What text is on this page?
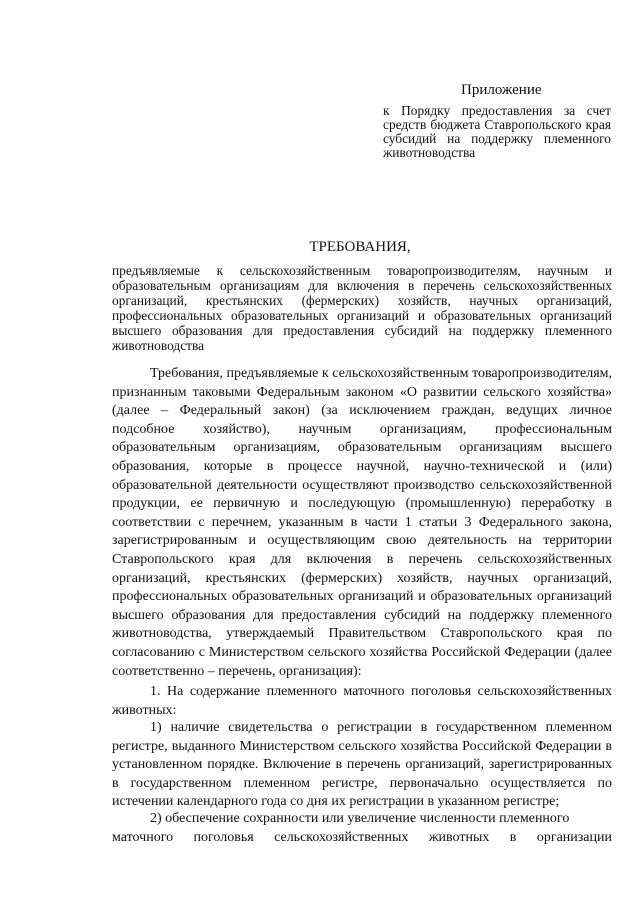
Приложение

к Порядку предоставления за счет средств бюджета Ставропольского края субсидий на поддержку племенного животноводства

ТРЕБОВАНИЯ,

предъявляемые к сельскохозяйственным товаропроизводителям, научным и образовательным организациям для включения в перечень сельскохозяйственных организаций, крестьянских (фермерских) хозяйств, научных организаций, профессиональных образовательных организаций и образовательных организаций высшего образования для предоставления субсидий на поддержку племенного животноводства

Требования, предъявляемые к сельскохозяйственным товаропроизводителям, признанным таковыми Федеральным законом «О развитии сельского хозяйства» (далее – Федеральный закон) (за исключением граждан, ведущих личное подсобное хозяйство), научным организациям, профессиональным образовательным организациям, образовательным организациям высшего образования, которые в процессе научной, научно-технической и (или) образовательной деятельности осуществляют производство сельскохозяйственной продукции, ее первичную и последующую (промышленную) переработку в соответствии с перечнем, указанным в части 1 статьи 3 Федерального закона, зарегистрированным и осуществляющим свою деятельность на территории Ставропольского края для включения в перечень сельскохозяйственных организаций, крестьянских (фермерских) хозяйств, научных организаций, профессиональных образовательных организаций и образовательных организаций высшего образования для предоставления субсидий на поддержку племенного животноводства, утверждаемый Правительством Ставропольского края по согласованию с Министерством сельского хозяйства Российской Федерации (далее соответственно – перечень, организация):

1. На содержание племенного маточного поголовья сельскохозяйственных животных:

1) наличие свидетельства о регистрации в государственном племенном регистре, выданного Министерством сельского хозяйства Российской Федерации в установленном порядке. Включение в перечень организаций, зарегистрированных в государственном племенном регистре, первоначально осуществляется по истечении календарного года со дня их регистрации в указанном регистре;

2) обеспечение сохранности или увеличение численности племенного
маточного поголовья сельскохозяйственных животных в организации
